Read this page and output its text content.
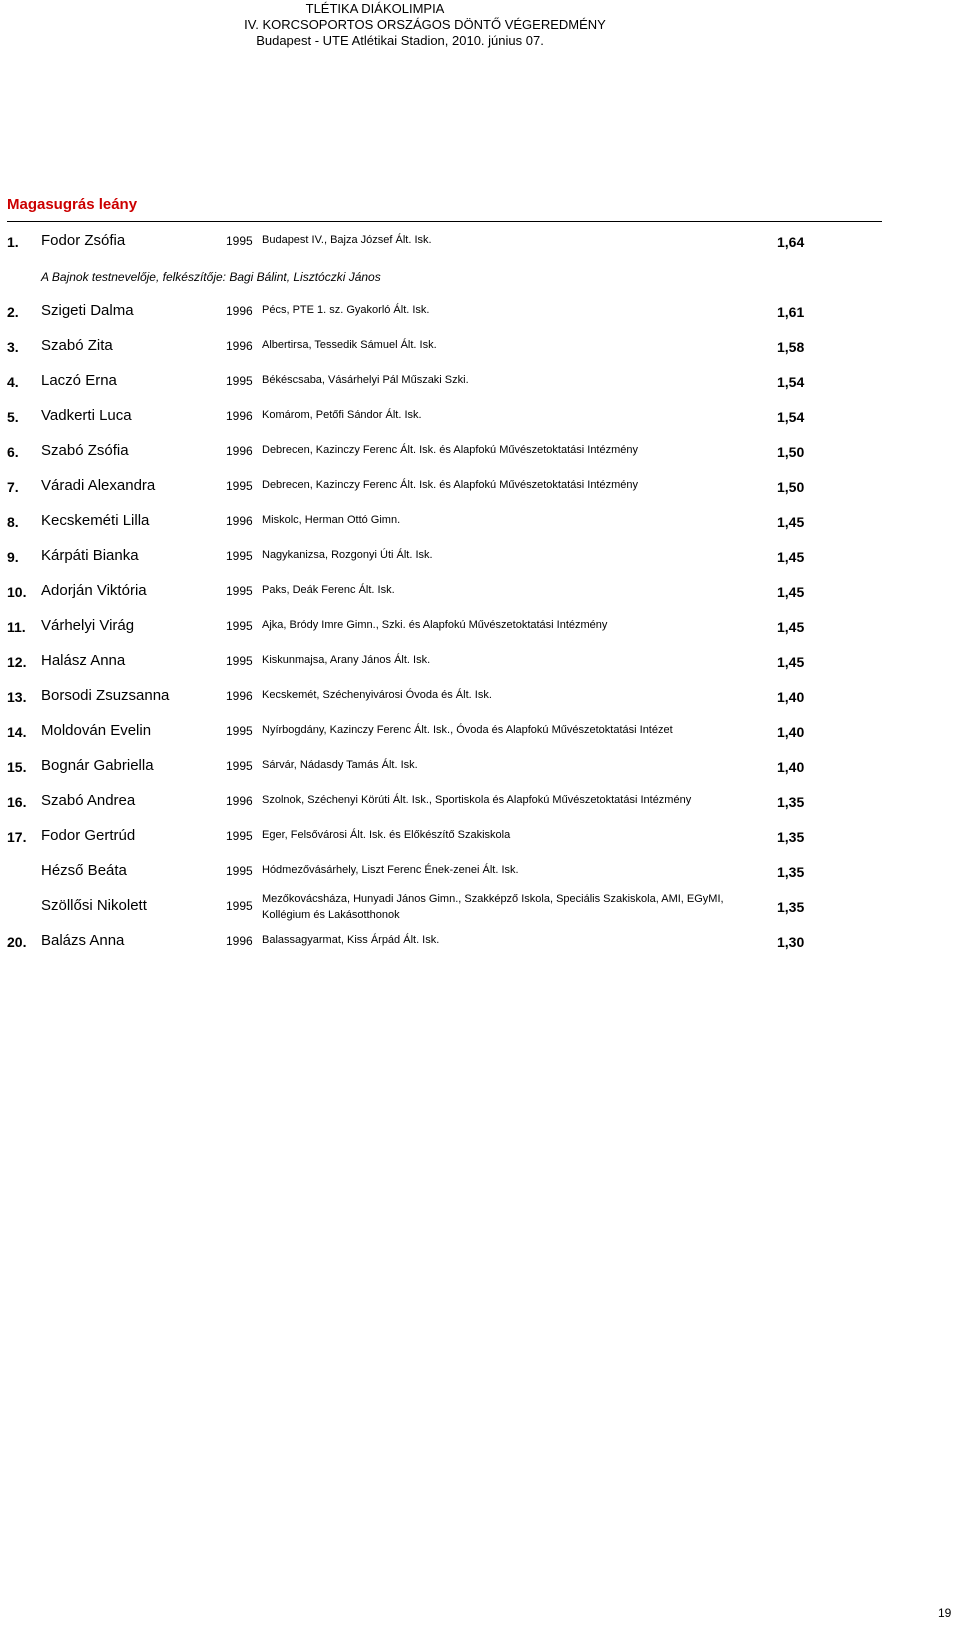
TLÉTIKA DIÁKOLIMPIA
IV. KORCSOPORTOS ORSZÁGOS DÖNTŐ VÉGEREDMÉNY
Budapest - UTE Atlétikai Stadion, 2010. június 07.
Magasugrás leány
1. Fodor Zsófia	1995 Budapest IV., Bajza József Ált. Isk.	1,64
2. Szigeti Dalma	1996 Pécs, PTE 1. sz. Gyakorló Ált. Isk.	1,61
3. Szabó Zita	1996 Albertirsa, Tessedik Sámuel Ált. Isk.	1,58
4. Laczó Erna	1995 Békéscsaba, Vásárhelyi Pál Műszaki Szki.	1,54
5. Vadkerti Luca	1996 Komárom, Petőfi Sándor Ált. Isk.	1,54
6. Szabó Zsófia	1996 Debrecen, Kazinczy Ferenc Ált. Isk. és Alapfokú Művészetoktatási Intézmény	1,50
7. Váradi Alexandra	1995 Debrecen, Kazinczy Ferenc Ált. Isk. és Alapfokú Művészetoktatási Intézmény	1,50
8. Kecskeméti Lilla	1996 Miskolc, Herman Ottó Gimn.	1,45
9. Kárpáti Bianka	1995 Nagykanizsa, Rozgonyi Úti Ált. Isk.	1,45
10. Adorján Viktória	1995 Paks, Deák Ferenc Ált. Isk.	1,45
11. Várhelyi Virág	1995 Ajka, Bródy Imre Gimn., Szki. és Alapfokú Művészetoktatási Intézmény	1,45
12. Halász Anna	1995 Kiskunmajsa, Arany János Ált. Isk.	1,45
13. Borsodi Zsuzsanna	1996 Kecskemét, Széchenyivárosi Óvoda és Ált. Isk.	1,40
14. Moldován Evelin	1995 Nyírbogdány, Kazinczy Ferenc Ált. Isk., Óvoda és Alapfokú Művészetoktatási Intézet	1,40
15. Bognár Gabriella	1995 Sárvár, Nádasdy Tamás Ált. Isk.	1,40
16. Szabó Andrea	1996 Szolnok, Széchenyi Körúti Ált. Isk., Sportiskola és Alapfokú Művészetoktatási Intézmény	1,35
17. Fodor Gertrúd	1995 Eger, Felsővárosi Ált. Isk. és Előkészítő Szakiskola	1,35
Hézső Beáta	1995 Hódmezővásárhely, Liszt Ferenc Ének-zenei Ált. Isk.	1,35
Szöllősi Nikolett	1995 Mezőkovácsháza, Hunyadi János Gimn., Szakképző Iskola, Speciális Szakiskola, AMI, EGyMI, Kollégium és Lakásotthonok	1,35
20. Balázs Anna	1996 Balassagyarmat, Kiss Árpád Ált. Isk.	1,30
A Bajnok testnevelője, felkészítője: Bagi Bálint, Lisztóczki János
19
